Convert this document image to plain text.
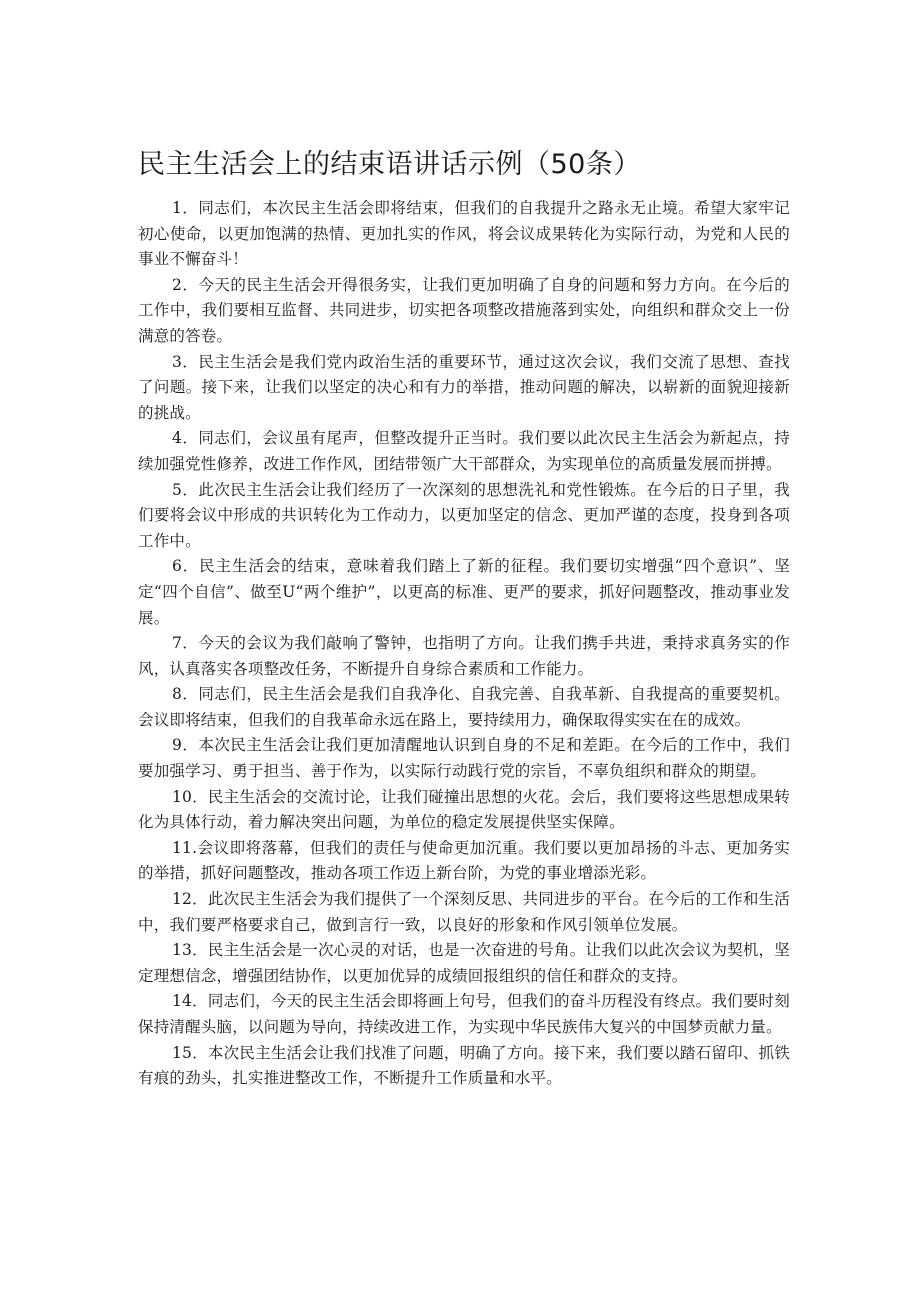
民主生活会上的结束语讲话示例（50条）

1．同志们，本次民主生活会即将结束，但我们的自我提升之路永无止境。希望大家牢记初心使命，以更加饱满的热情、更加扎实的作风，将会议成果转化为实际行动，为党和人民的事业不懈奋斗！

2．今天的民主生活会开得很务实，让我们更加明确了自身的问题和努力方向。在今后的工作中，我们要相互监督、共同进步，切实把各项整改措施落到实处，向组织和群众交上一份满意的答卷。

3．民主生活会是我们党内政治生活的重要环节，通过这次会议，我们交流了思想、查找了问题。接下来，让我们以坚定的决心和有力的举措，推动问题的解决，以崭新的面貌迎接新的挑战。

4．同志们，会议虽有尾声，但整改提升正当时。我们要以此次民主生活会为新起点，持续加强党性修养，改进工作作风，团结带领广大干部群众，为实现单位的高质量发展而拼搏。

5．此次民主生活会让我们经历了一次深刻的思想洗礼和党性锻炼。在今后的日子里，我们要将会议中形成的共识转化为工作动力，以更加坚定的信念、更加严谨的态度，投身到各项工作中。

6．民主生活会的结束，意味着我们踏上了新的征程。我们要切实增强“四个意识”、坚定“四个自信”、做至U“两个维护”，以更高的标准、更严的要求，抓好问题整改，推动事业发展。

7．今天的会议为我们敲响了警钟，也指明了方向。让我们携手共进，秉持求真务实的作风，认真落实各项整改任务，不断提升自身综合素质和工作能力。

8．同志们，民主生活会是我们自我净化、自我完善、自我革新、自我提高的重要契机。会议即将结束，但我们的自我革命永远在路上，要持续用力，确保取得实实在在的成效。

9．本次民主生活会让我们更加清醒地认识到自身的不足和差距。在今后的工作中，我们要加强学习、勇于担当、善于作为，以实际行动践行党的宗旨，不辜负组织和群众的期望。

10．民主生活会的交流讨论，让我们碰撞出思想的火花。会后，我们要将这些思想成果转化为具体行动，着力解决突出问题，为单位的稳定发展提供坚实保障。

11.会议即将落幕，但我们的责任与使命更加沉重。我们要以更加昂扬的斗志、更加务实的举措，抓好问题整改，推动各项工作迈上新台阶，为党的事业增添光彩。

12．此次民主生活会为我们提供了一个深刻反思、共同进步的平台。在今后的工作和生活中，我们要严格要求自己，做到言行一致，以良好的形象和作风引领单位发展。

13．民主生活会是一次心灵的对话，也是一次奋进的号角。让我们以此次会议为契机，坚定理想信念，增强团结协作，以更加优异的成绩回报组织的信任和群众的支持。

14．同志们，今天的民主生活会即将画上句号，但我们的奋斗历程没有终点。我们要时刻保持清醒头脑，以问题为导向，持续改进工作，为实现中华民族伟大复兴的中国梦贡献力量。

15．本次民主生活会让我们找准了问题，明确了方向。接下来，我们要以踏石留印、抓铁有痕的劲头，扎实推进整改工作，不断提升工作质量和水平。
